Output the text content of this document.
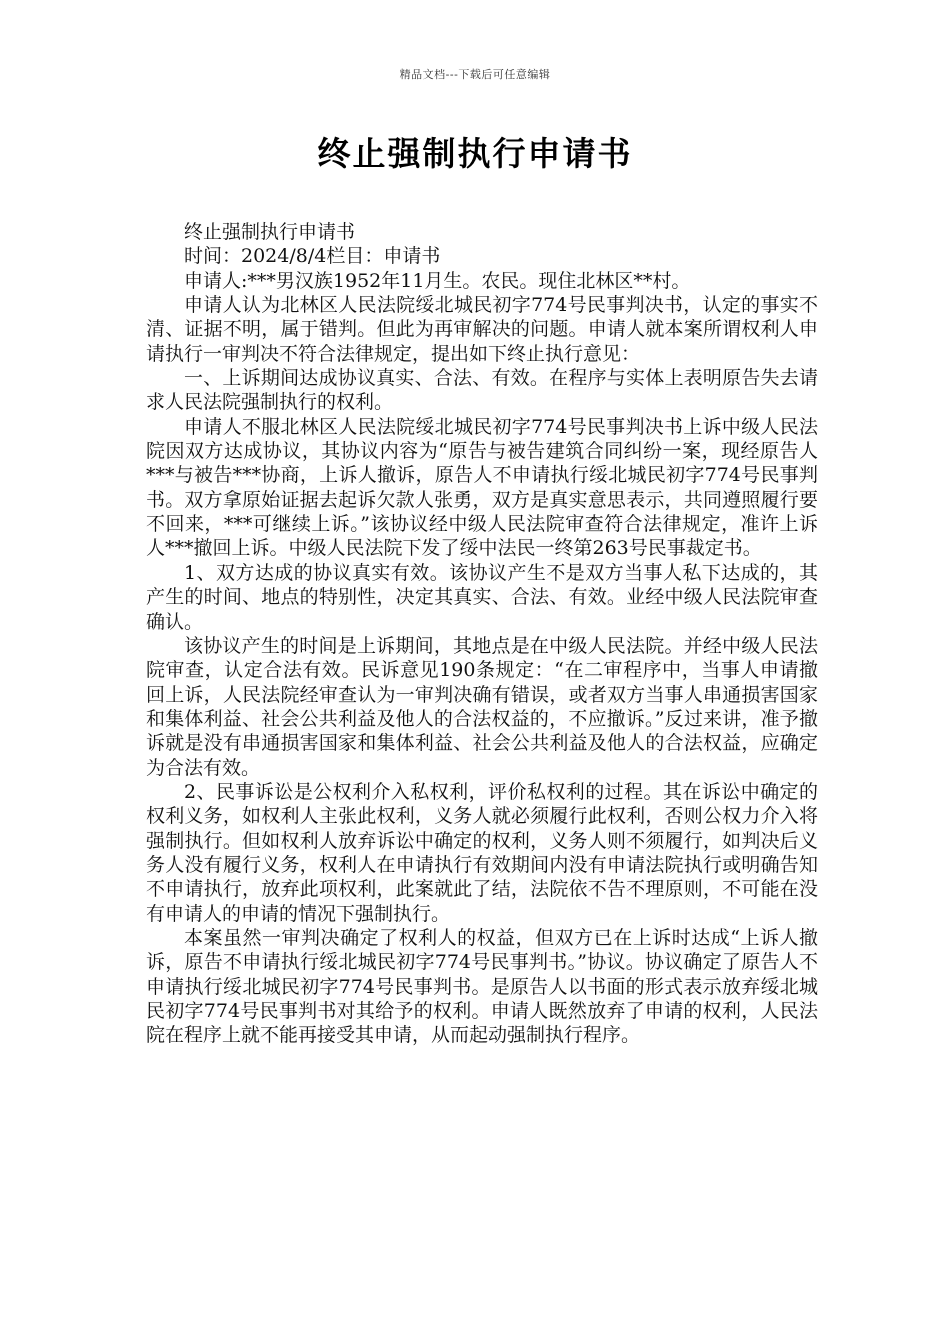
精品文档---下载后可任意编辑
终止强制执行申请书

终止强制执行申请书

时间：2024/8/4栏目：申请书

申请人:***男汉族1952年11月生。农民。现住北林区**村。

申请人认为北林区人民法院绥北城民初字774号民事判决书，认定的事实不清、证据不明，属于错判。但此为再审解决的问题。申请人就本案所谓权利人申请执行一审判决不符合法律规定，提出如下终止执行意见：

一、上诉期间达成协议真实、合法、有效。在程序与实体上表明原告失去请求人民法院强制执行的权利。

申请人不服北林区人民法院绥北城民初字774号民事判决书上诉中级人民法院因双方达成协议，其协议内容为“原告与被告建筑合同纠纷一案，现经原告人***与被告***协商，上诉人撤诉，原告人不申请执行绥北城民初字774号民事判书。双方拿原始证据去起诉欠款人张勇，双方是真实意思表示，共同遵照履行要不回来，***可继续上诉。”该协议经中级人民法院审查符合法律规定，准许上诉人***撤回上诉。中级人民法院下发了绥中法民一终第263号民事裁定书。

1、双方达成的协议真实有效。该协议产生不是双方当事人私下达成的，其产生的时间、地点的特别性，决定其真实、合法、有效。业经中级人民法院审查确认。

该协议产生的时间是上诉期间，其地点是在中级人民法院。并经中级人民法院审查，认定合法有效。民诉意见190条规定：“在二审程序中，当事人申请撤回上诉，人民法院经审查认为一审判决确有错误，或者双方当事人串通损害国家和集体利益、社会公共利益及他人的合法权益的，不应撤诉。”反过来讲，准予撤诉就是没有串通损害国家和集体利益、社会公共利益及他人的合法权益，应确定为合法有效。

2、民事诉讼是公权利介入私权利，评价私权利的过程。其在诉讼中确定的权利义务，如权利人主张此权利，义务人就必须履行此权利，否则公权力介入将强制执行。但如权利人放弃诉讼中确定的权利，义务人则不须履行，如判决后义务人没有履行义务，权利人在申请执行有效期间内没有申请法院执行或明确告知不申请执行，放弃此项权利，此案就此了结，法院依不告不理原则，不可能在没有申请人的申请的情况下强制执行。

本案虽然一审判决确定了权利人的权益，但双方已在上诉时达成“上诉人撤诉，原告不申请执行绥北城民初字774号民事判书。”协议。协议确定了原告人不申请执行绥北城民初字774号民事判书。是原告人以书面的形式表示放弃绥北城民初字774号民事判书对其给予的权利。申请人既然放弃了申请的权利，人民法院在程序上就不能再接受其申请，从而起动强制执行程序。
